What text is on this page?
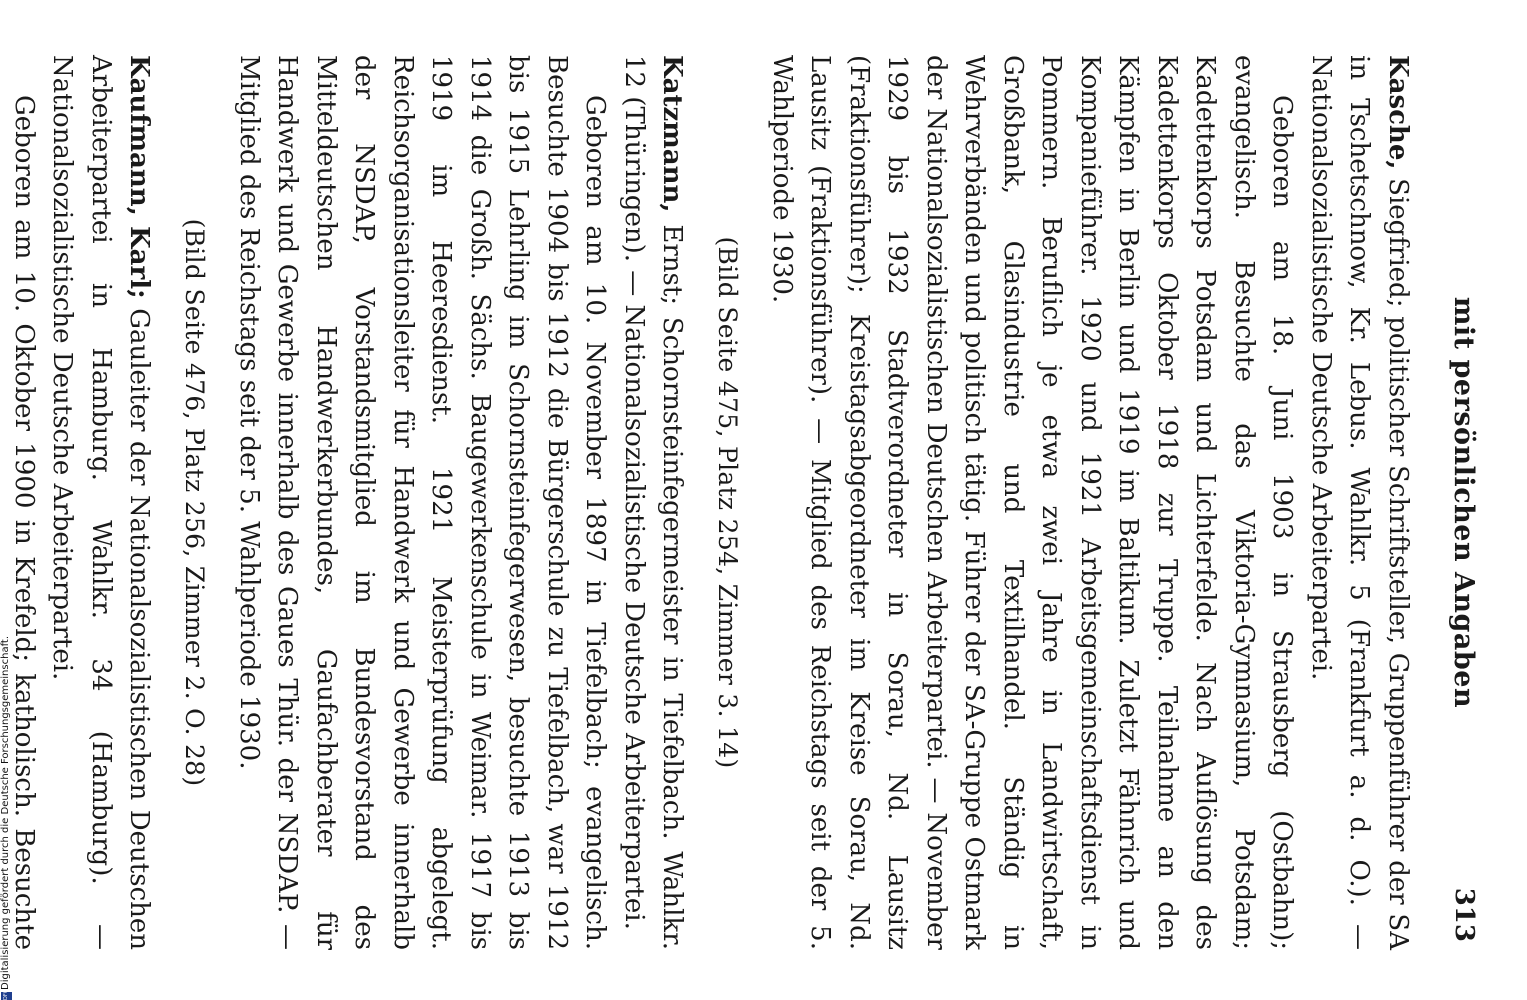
mit persönlichen Angaben
313

Kasche, Siegfried; politischer Schriftsteller, Gruppenführer der SA in Tschetschnow, Kr. Lebus. Wahlkr. 5 (Frankfurt a. d. O.). — Nationalsozialistische Deutsche Arbeiterpartei.

Geboren am 18. Juni 1903 in Strausberg (Ostbahn); evangelisch. Besuchte das Viktoria-Gymnasium, Potsdam; Kadettenkorps Potsdam und Lichterfelde. Nach Auflösung des Kadettenkorps Oktober 1918 zur Truppe. Teilnahme an den Kämpfen in Berlin und 1919 im Baltikum. Zuletzt Fähnrich und Kompanieführer. 1920 und 1921 Arbeitsgemeinschaftsdienst in Pommern. Beruflich je etwa zwei Jahre in Landwirtschaft, Großbank, Glasindustrie und Textilhandel. Ständig in Wehrverbänden und politisch tätig. Führer der SA-Gruppe Ostmark der Nationalsozialistischen Deutschen Arbeiterpartei. — November 1929 bis 1932 Stadtverordneter in Sorau, Nd. Lausitz (Fraktionsführer); Kreistagsabgeordneter im Kreise Sorau, Nd. Lausitz (Fraktionsführer). — Mitglied des Reichstags seit der 5. Wahlperiode 1930.

(Bild Seite 475, Platz 254, Zimmer 3. 14)

Katzmann, Ernst; Schornsteinfegermeister in Tiefelbach. Wahlkr. 12 (Thüringen). — Nationalsozialistische Deutsche Arbeiterpartei.

Geboren am 10. November 1897 in Tiefelbach; evangelisch. Besuchte 1904 bis 1912 die Bürgerschule zu Tiefelbach, war 1912 bis 1915 Lehrling im Schornsteinfegerwesen, besuchte 1913 bis 1914 die Großh. Sächs. Baugewerkenschule in Weimar. 1917 bis 1919 im Heeresdienst. 1921 Meisterprüfung abgelegt. Reichsorganisationsleiter für Handwerk und Gewerbe innerhalb der NSDAP, Vorstandsmitglied im Bundesvorstand des Mitteldeutschen Handwerkerbundes, Gaufachberater für Handwerk und Gewerbe innerhalb des Gaues Thür. der NSDAP. — Mitglied des Reichstags seit der 5. Wahlperiode 1930.

(Bild Seite 476, Platz 256, Zimmer 2. O. 28)

Kaufmann, Karl; Gauleiter der Nationalsozialistischen Deutschen Arbeiterpartei in Hamburg. Wahlkr. 34 (Hamburg). — Nationalsozialistische Deutsche Arbeiterpartei.

Geboren am 10. Oktober 1900 in Krefeld; katholisch. Besuchte

DFG
Digitalisierung gefördert durch die Deutsche Forschungsgemeinschaft.
